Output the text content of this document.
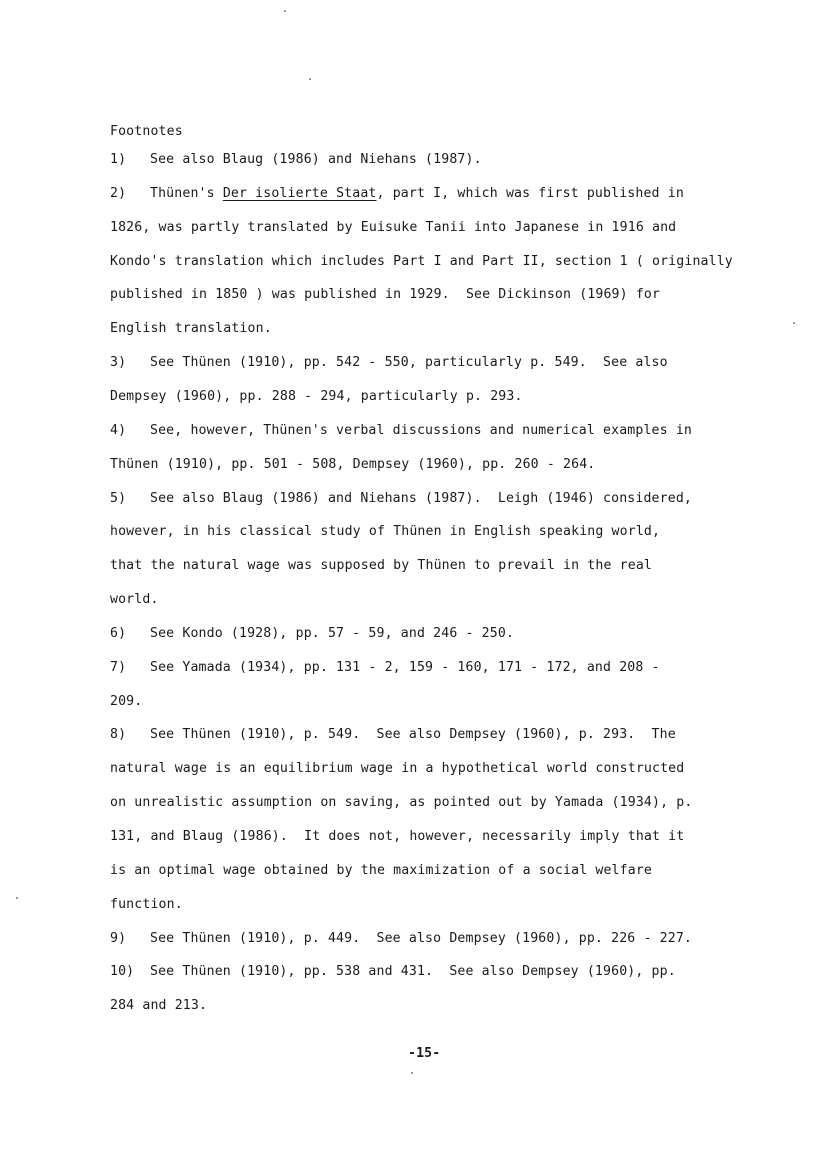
Footnotes
1) See also Blaug (1986) and Niehans (1987).
2) Thünen's Der isolierte Staat, part I, which was first published in
1826, was partly translated by Euisuke Tanii into Japanese in 1916 and
Kondo's translation which includes Part I and Part II, section 1 ( originally
published in 1850 ) was published in 1929.  See Dickinson (1969) for
English translation.
3) See Thünen (1910), pp. 542 - 550, particularly p. 549.  See also
Dempsey (1960), pp. 288 - 294, particularly p. 293.
4) See, however, Thünen's verbal discussions and numerical examples in
Thünen (1910), pp. 501 - 508, Dempsey (1960), pp. 260 - 264.
5) See also Blaug (1986) and Niehans (1987).  Leigh (1946) considered,
however, in his classical study of Thünen in English speaking world,
that the natural wage was supposed by Thünen to prevail in the real
world.
6) See Kondo (1928), pp. 57 - 59, and 246 - 250.
7) See Yamada (1934), pp. 131 - 2, 159 - 160, 171 - 172, and 208 -
209.
8) See Thünen (1910), p. 549.  See also Dempsey (1960), p. 293.  The
natural wage is an equilibrium wage in a hypothetical world constructed
on unrealistic assumption on saving, as pointed out by Yamada (1934), p.
131, and Blaug (1986).  It does not, however, necessarily imply that it
is an optimal wage obtained by the maximization of a social welfare
function.
9) See Thünen (1910), p. 449.  See also Dempsey (1960), pp. 226 - 227.
10) See Thünen (1910), pp. 538 and 431.  See also Dempsey (1960), pp.
284 and 213.
-15-
